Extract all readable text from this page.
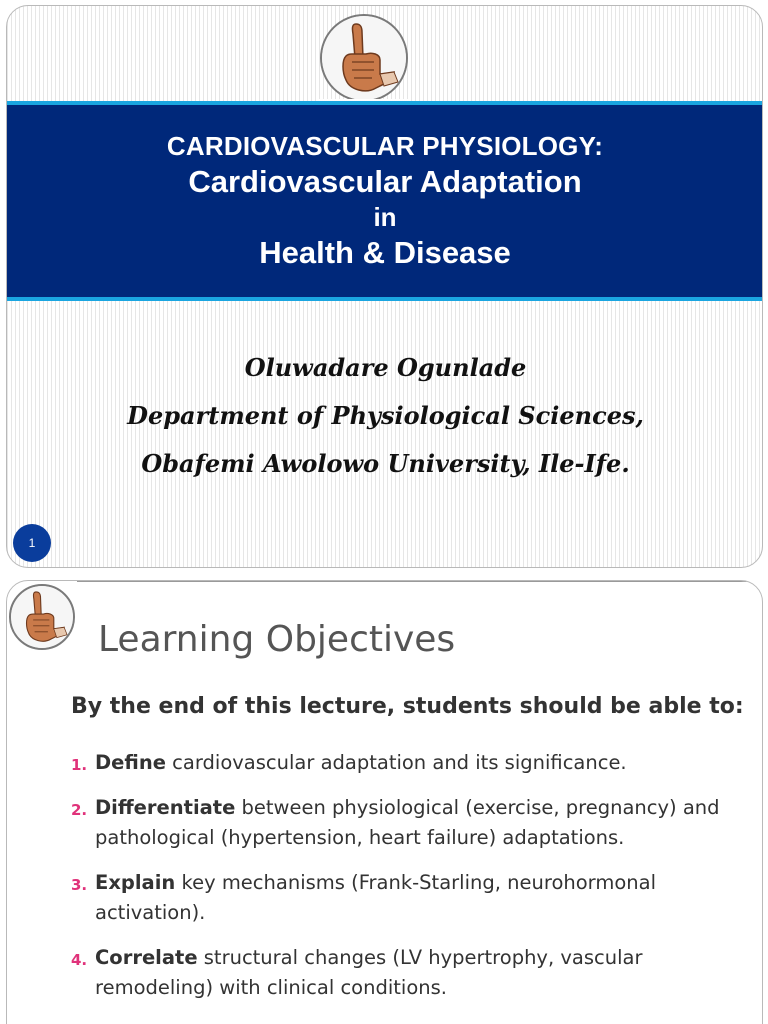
CARDIOVASCULAR PHYSIOLOGY:
Cardiovascular Adaptation
in
Health & Disease
Oluwadare Ogunlade
Department of Physiological Sciences,
Obafemi Awolowo University, Ile-Ife.
1
Learning Objectives
By the end of this lecture, students should be able to:
1. Define cardiovascular adaptation and its significance.
2. Differentiate between physiological (exercise, pregnancy) and pathological (hypertension, heart failure) adaptations.
3. Explain key mechanisms (Frank-Starling, neurohormonal activation).
4. Correlate structural changes (LV hypertrophy, vascular remodeling) with clinical conditions.
